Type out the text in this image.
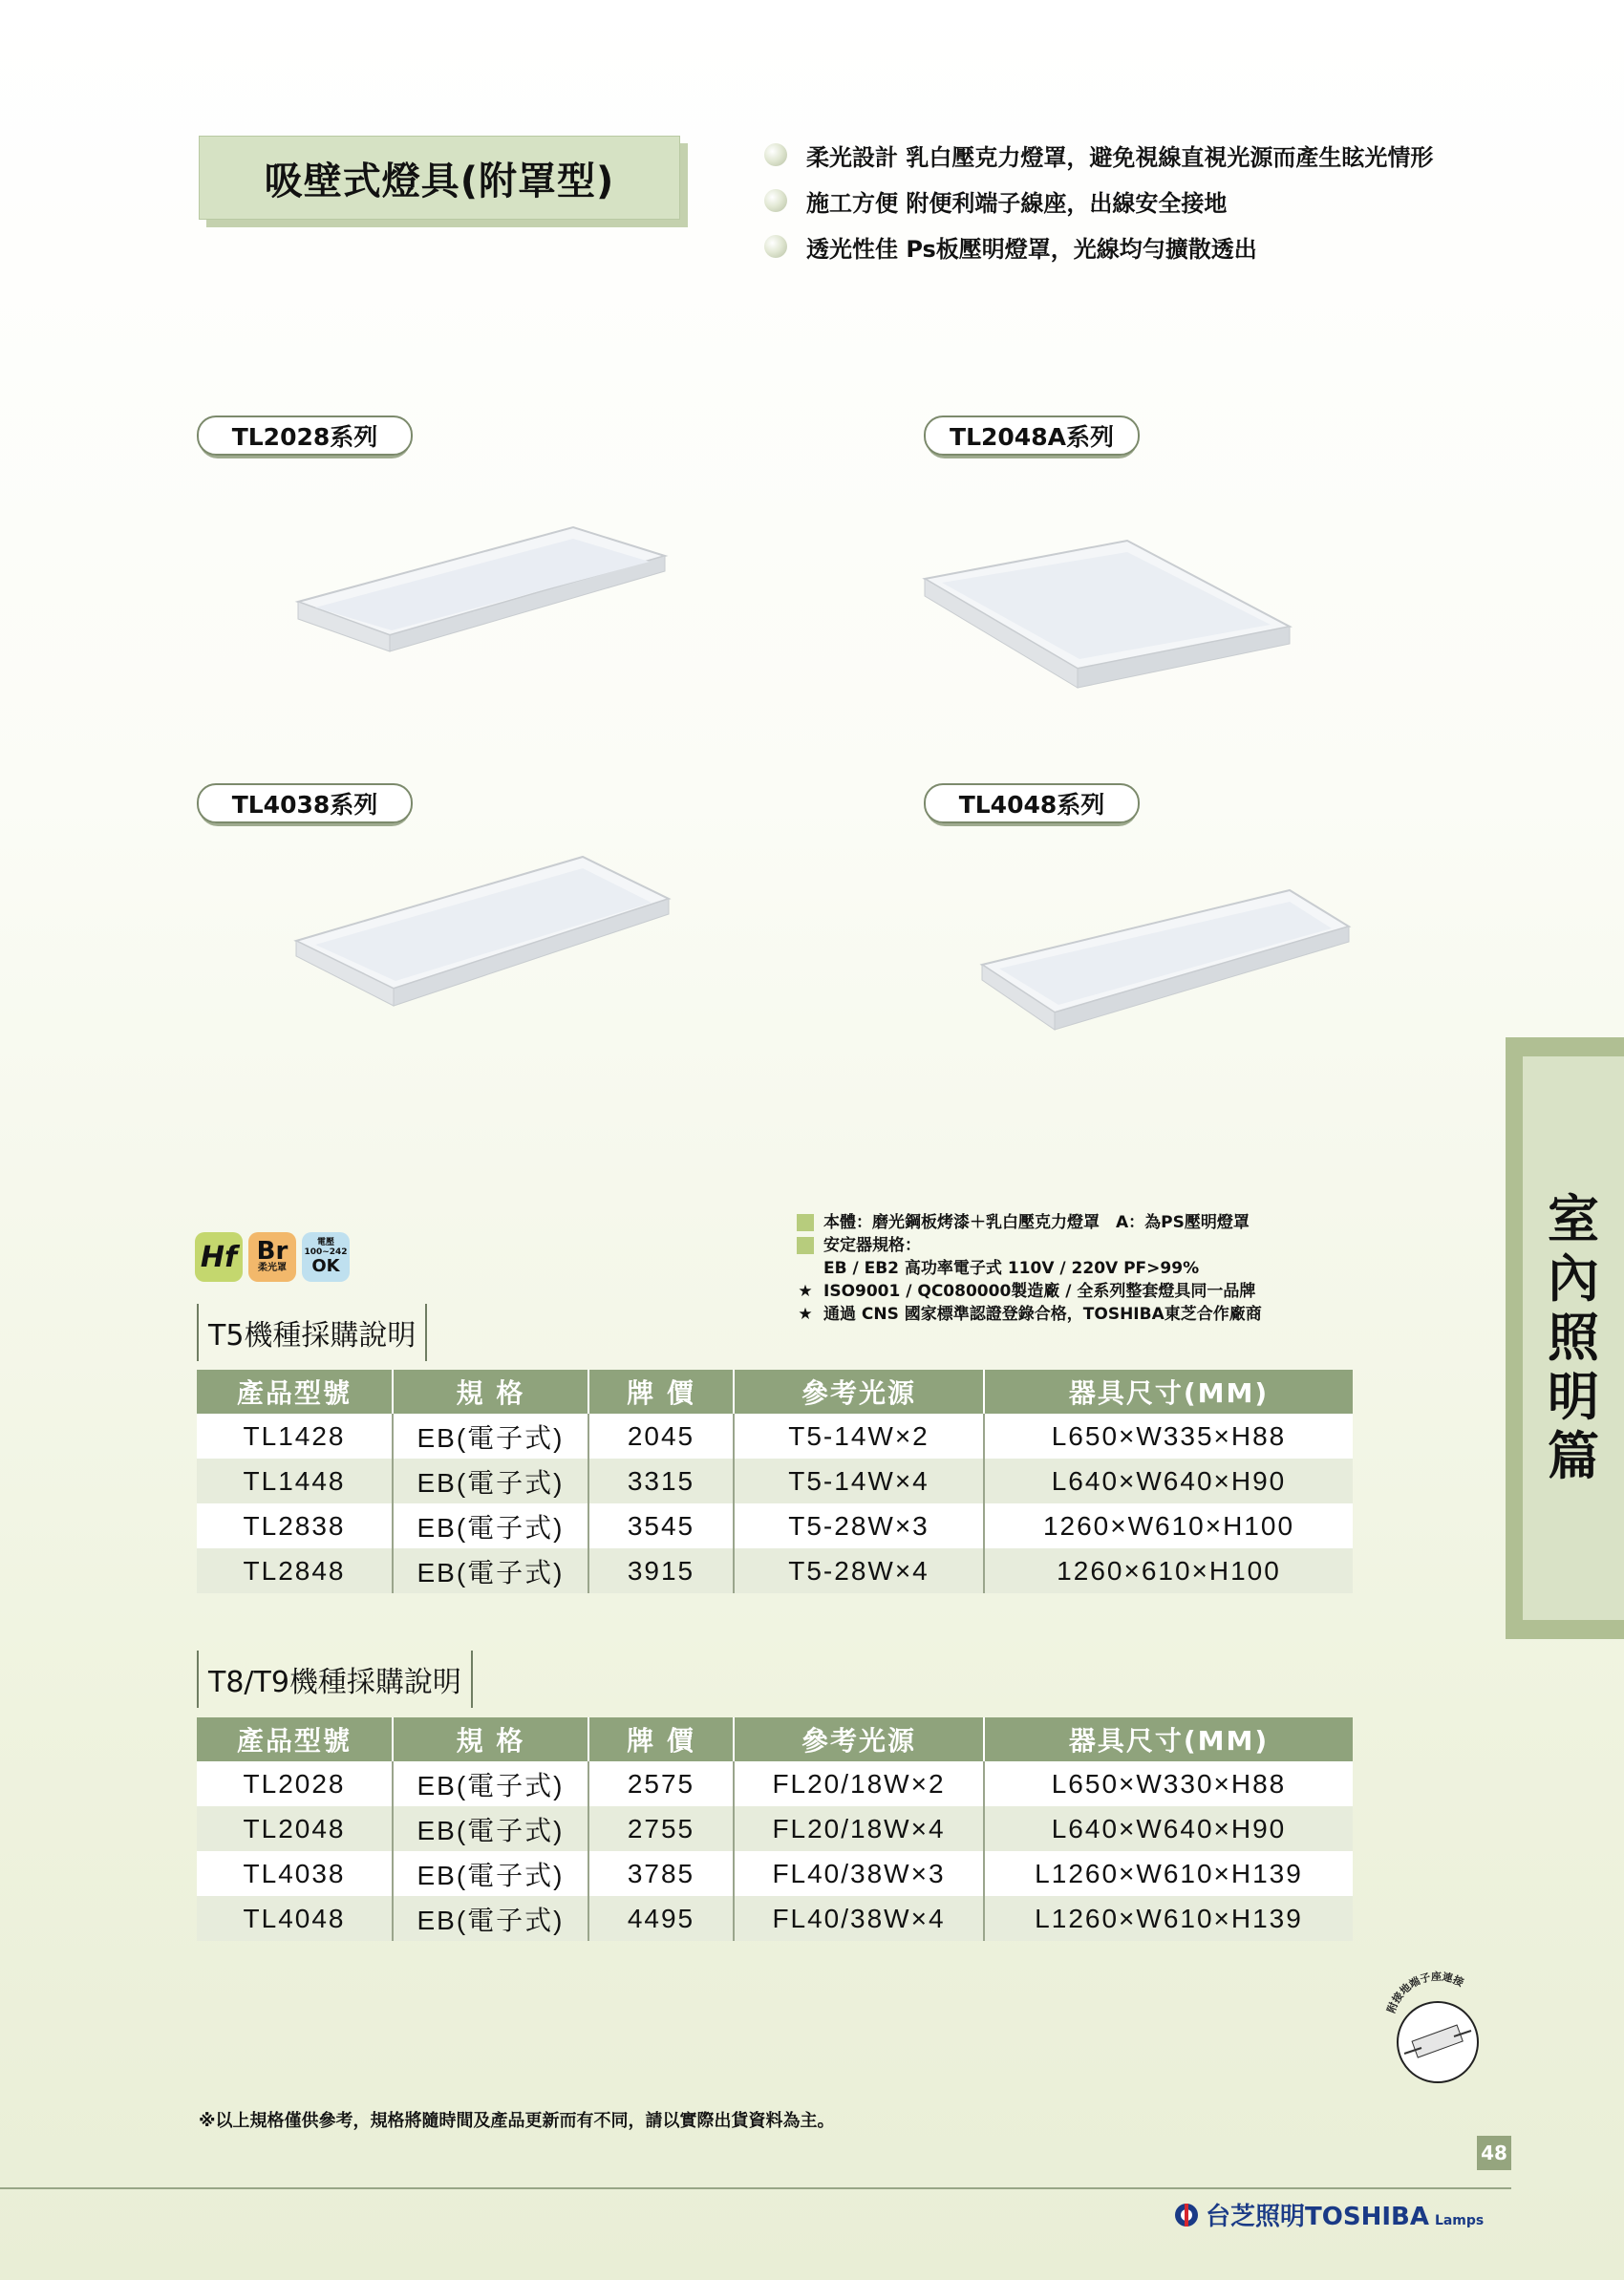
吸壁式燈具(附罩型)
柔光設計 乳白壓克力燈罩，避免視線直視光源而產生眩光情形
施工方便 附便利端子線座，出線安全接地
透光性佳 Ps板壓明燈罩，光線均勻擴散透出
TL2028系列	TL2048A系列
TL4038系列	TL4048系列
Hf Br
柔光罩
電壓
100~242
OK
本體：磨光鋼板烤漆＋乳白壓克力燈罩　A：為PS壓明燈罩
安定器規格：
EB / EB2 高功率電子式 110V / 220V PF>99%
★ ISO9001 / QC080000製造廠 / 全系列整套燈具同一品牌
★ 通過 CNS 國家標準認證登錄合格，TOSHIBA東芝合作廠商
T5機種採購說明
產品型號	規 格	牌 價	參考光源	器具尺寸(MM)
TL1428	EB(電子式)	2045	T5-14W×2	L650×W335×H88
TL1448	EB(電子式)	3315	T5-14W×4	L640×W640×H90
TL2838	EB(電子式)	3545	T5-28W×3	1260×W610×H100
TL2848	EB(電子式)	3915	T5-28W×4	1260×610×H100
T8/T9機種採購說明
產品型號	規 格	牌 價	參考光源	器具尺寸(MM)
TL2028	EB(電子式)	2575	FL20/18W×2	L650×W330×H88
TL2048	EB(電子式)	2755	FL20/18W×4	L640×W640×H90
TL4038	EB(電子式)	3785	FL40/38W×3	L1260×W610×H139
TL4048	EB(電子式)	4495	FL40/38W×4	L1260×W610×H139
室
內
照
明
篇
附接地端子座連接
※以上規格僅供參考，規格將隨時間及產品更新而有不同，請以實際出貨資料為主。
48
台芝照明TOSHIBA Lamps
